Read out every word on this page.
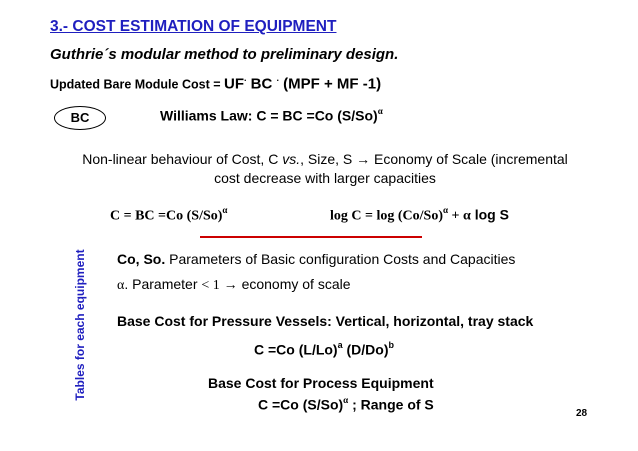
3.- COST ESTIMATION OF EQUIPMENT
Guthrie´s modular method to preliminary design.
Updated Bare Module Cost = UF. BC . (MPF + MF -1)
BC	Williams Law: C = BC =Co $(S/So)^\alpha$
Non-linear behaviour of Cost, C vs., Size, S → Economy of Scale (incremental
cost decrease with larger capacities
C = BC =Co $(S/So)^\alpha$	$\log C = \log (Co/So)^\alpha + \alpha$ log S
Tables for each equipment Co, So. Parameters of Basic configuration Costs and Capacities
α. Parameter < 1 → economy of scale
Base Cost for Pressure Vessels: Vertical, horizontal, tray stack
C =Co $(L/Lo)^a$ $(D/Do)^b$
Base Cost for Process Equipment
C =Co $(S/So)^\alpha$ ; Range of S
28
